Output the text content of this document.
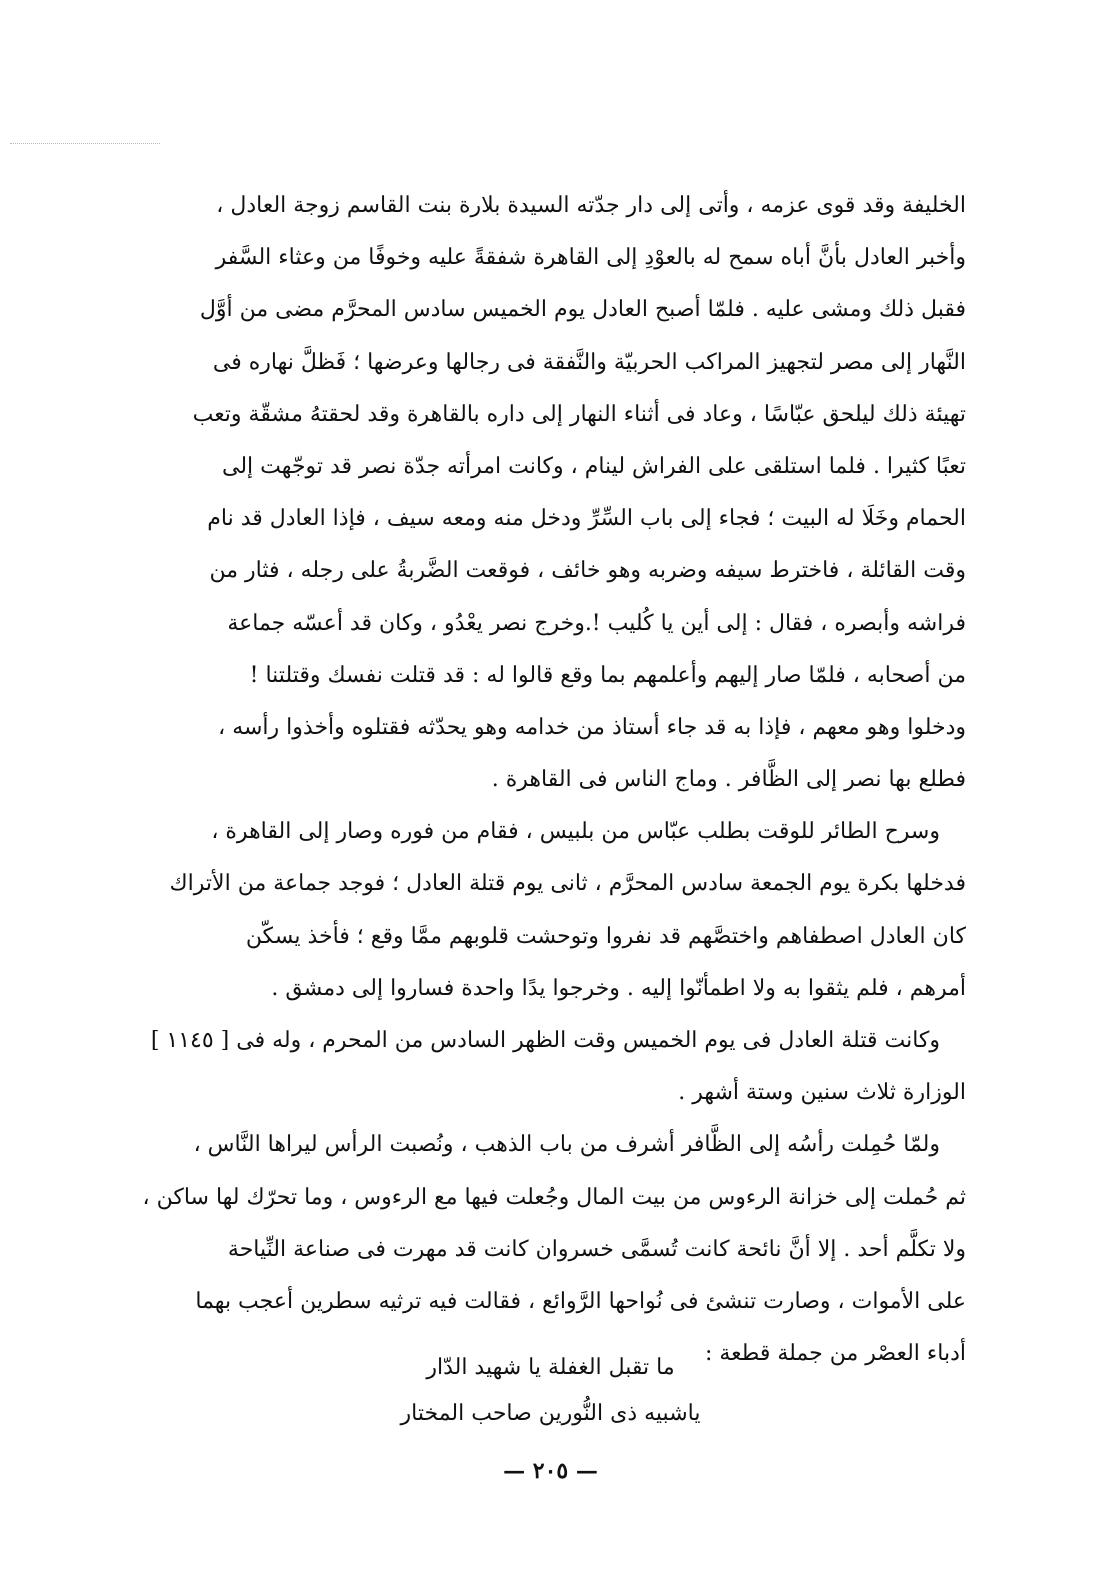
الخليفة وقد قوى عزمه ، وأتى إلى دار جدّته السيدة بلارة بنت القاسم زوجة العادل ،
وأخبر العادل بأنَّ أباه سمح له بالعوْدِ إلى القاهرة شفقةً عليه وخوفًا من وعثاء السَّفر
فقبل ذلك ومشى عليه . فلمّا أصبح العادل يوم الخميس سادس المحرَّم مضى من أوَّل
النَّهار إلى مصر لتجهيز المراكب الحربيّة والنَّفقة فى رجالها وعرضها ؛ فَظلَّ نهاره فى
تهيئة ذلك ليلحق عبّاسًا ، وعاد فى أثناء النهار إلى داره بالقاهرة وقد لحقتهُ مشقّة وتعب
تعبًا كثيرا . فلما استلقى على الفراش لينام ، وكانت امرأته جدّة نصر قد توجّهت إلى
الحمام وخَلَا له البيت ؛ فجاء إلى باب السِّرِّ ودخل منه ومعه سيف ، فإذا العادل قد نام
وقت القائلة ، فاخترط سيفه وضربه وهو خائف ، فوقعت الضَّربةُ على رجله ، فثار من
فراشه وأبصره ، فقال : إلى أين يا كُليب !.وخرج نصر يعْدُو ، وكان قد أعسّه جماعة
من أصحابه ، فلمّا صار إليهم وأعلمهم بما وقع قالوا له : قد قتلت نفسك وقتلتنا !
ودخلوا وهو معهم ، فإذا به قد جاء أستاذ من خدامه وهو يحدّثه فقتلوه وأخذوا رأسه ،
فطلع بها نصر إلى الظَّافر . وماج الناس فى القاهرة .
وسرح الطائر للوقت بطلب عبّاس من بلبيس ، فقام من فوره وصار إلى القاهرة ،
فدخلها بكرة يوم الجمعة سادس المحرَّم ، ثانى يوم قتلة العادل ؛ فوجد جماعة من الأتراك
كان العادل اصطفاهم واختصَّهم قد نفروا وتوحشت قلوبهم ممَّا وقع ؛ فأخذ يسكّن
أمرهم ، فلم يثقوا به ولا اطمأنّوا إليه . وخرجوا يدًا واحدة فساروا إلى دمشق .
وكانت قتلة العادل فى يوم الخميس وقت الظهر السادس من المحرم ، وله فى [ ١١٤٥ ]
الوزارة ثلاث سنين وستة أشهر .
ولمّا حُمِلت رأسُه إلى الظَّافر أشرف من باب الذهب ، ونُصبت الرأس ليراها النَّاس ،
ثم حُملت إلى خزانة الرءوس من بيت المال وجُعلت فيها مع الرءوس ، وما تحرّك لها ساكن ،
ولا تكلَّم أحد . إلا أنَّ نائحة كانت تُسمَّى خسروان كانت قد مهرت فى صناعة النِّياحة
على الأموات ، وصارت تنشئ فى نُواحها الرَّوائع ، فقالت فيه ترثيه سطرين أعجب بهما
أدباء العصْر من جملة قطعة :
ما تقبل الغفلة يا شهيد الدّار
ياشبيه ذى النُّورين صاحب المختار
— ٢٠٥ —
